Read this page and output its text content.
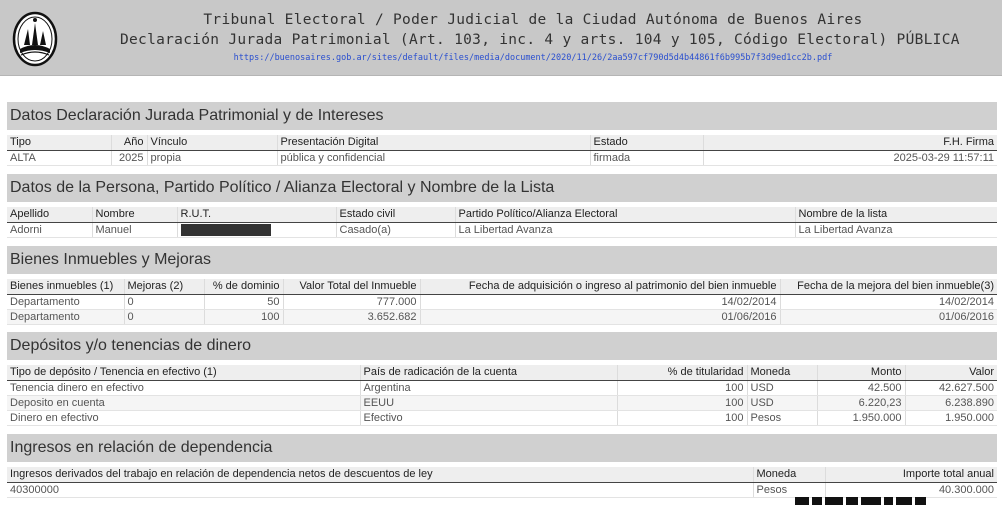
Tribunal Electoral / Poder Judicial de la Ciudad Autónoma de Buenos Aires
Declaración Jurada Patrimonial (Art. 103, inc. 4 y arts. 104 y 105, Código Electoral) PÚBLICA
https://buenosaires.gob.ar/sites/default/files/media/document/2020/11/26/2aa597cf790d5d4b44861f6b995b7f3d9ed1cc2b.pdf
Datos Declaración Jurada Patrimonial y de Intereses
Tipo	Año	Vínculo	Presentación Digital	Estado	F.H. Firma
ALTA	2025	propia	pública y confidencial	firmada	2025-03-29 11:57:11
Datos de la Persona, Partido Político / Alianza Electoral y Nombre de la Lista
Apellido	Nombre	R.U.T.	Estado civil	Partido Político/Alianza Electoral	Nombre de la lista
Adorni	Manuel		Casado(a)	La Libertad Avanza	La Libertad Avanza
Bienes Inmuebles y Mejoras
Bienes inmuebles (1)	Mejoras (2)	% de dominio	Valor Total del Inmueble	Fecha de adquisición o ingreso al patrimonio del bien inmueble	Fecha de la mejora del bien inmueble(3)
Departamento	0	50	777.000	14/02/2014	14/02/2014
Departamento	0	100	3.652.682	01/06/2016	01/06/2016
Depósitos y/o tenencias de dinero
Tipo de depósito / Tenencia en efectivo (1)	País de radicación de la cuenta	% de titularidad	Moneda	Monto	Valor
Tenencia dinero en efectivo	Argentina	100	USD	42.500	42.627.500
Deposito en cuenta	EEUU	100	USD	6.220,23	6.238.890
Dinero en efectivo	Efectivo	100	Pesos	1.950.000	1.950.000
Ingresos en relación de dependencia
Ingresos derivados del trabajo en relación de dependencia netos de descuentos de ley	Moneda	Importe total anual
40300000	Pesos	40.300.000
